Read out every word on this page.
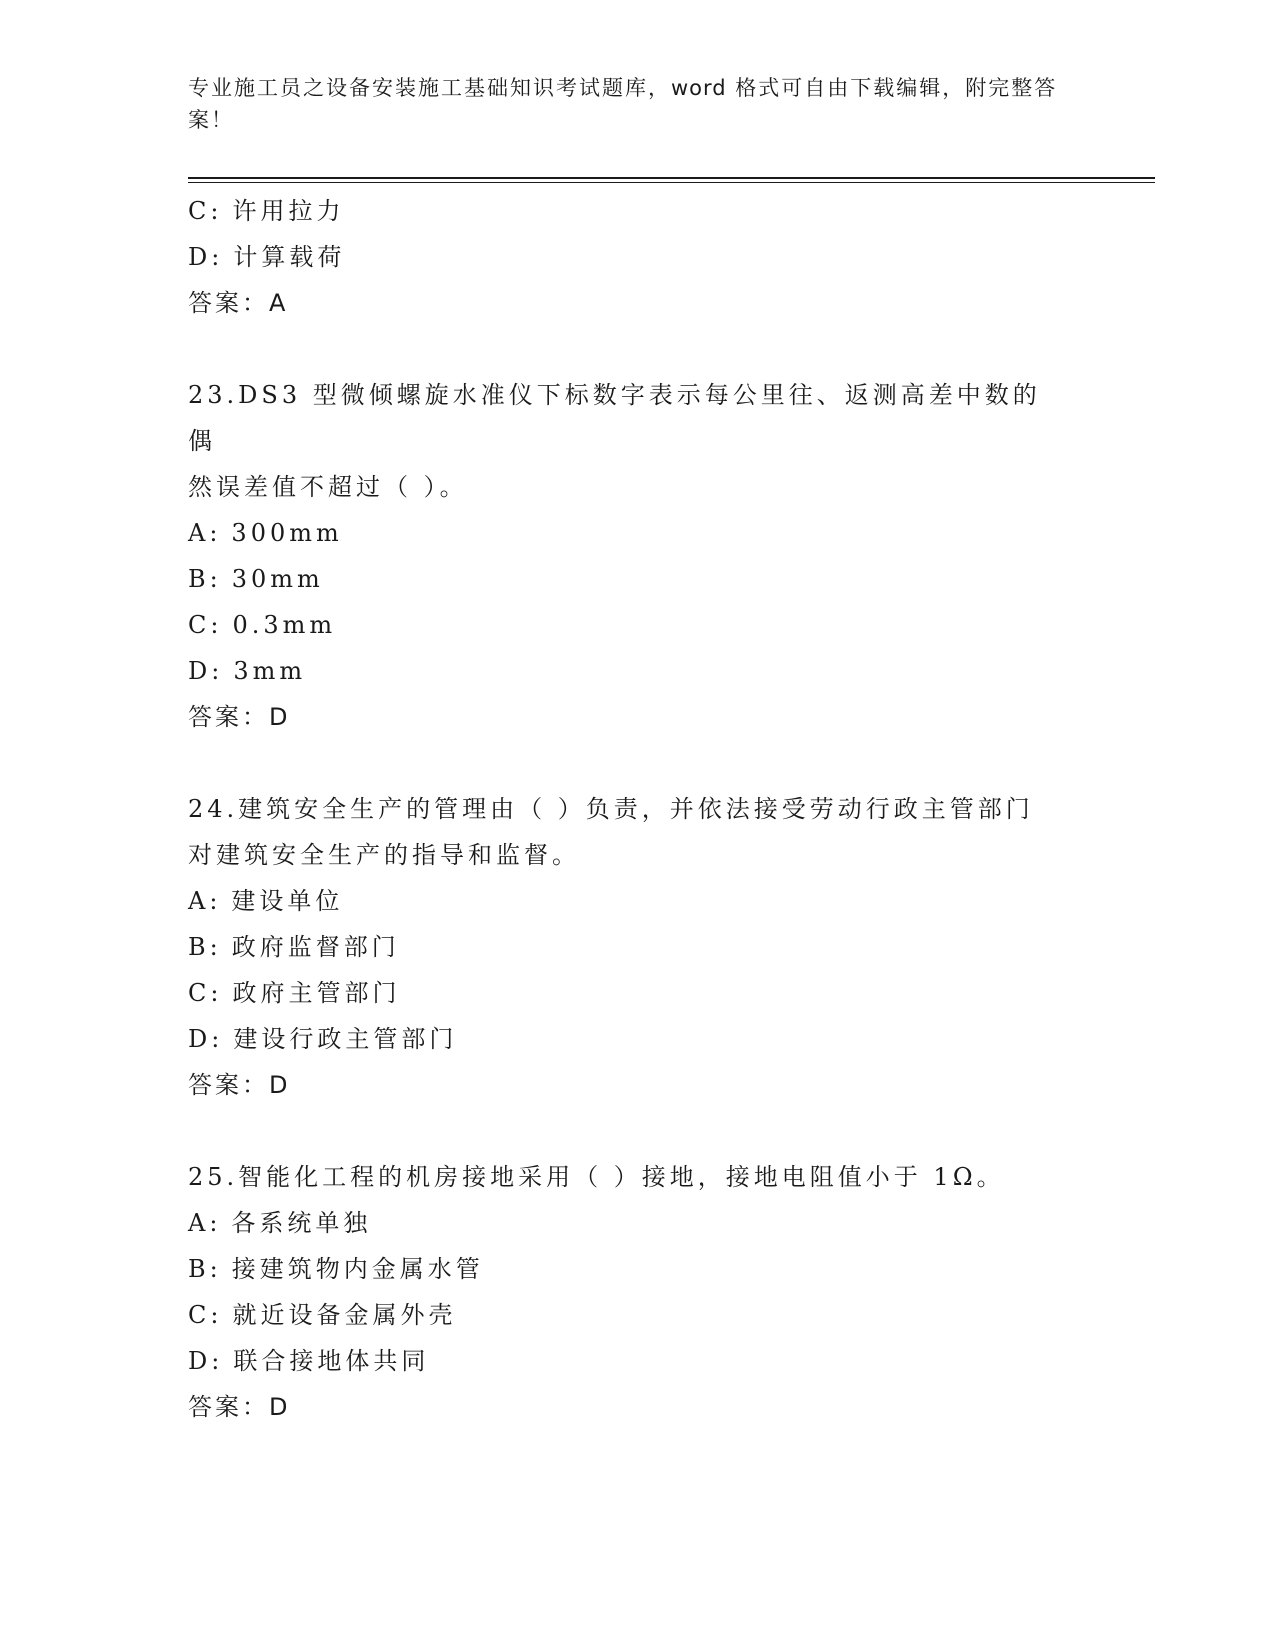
专业施工员之设备安装施工基础知识考试题库，word 格式可自由下载编辑，附完整答案！
C: 许用拉力
D: 计算载荷
答案：A
23.DS3 型微倾螺旋水准仪下标数字表示每公里往、返测高差中数的偶
然误差值不超过（ ）。
A: 300mm
B: 30mm
C: 0.3mm
D: 3mm
答案：D
24.建筑安全生产的管理由（ ）负责，并依法接受劳动行政主管部门
对建筑安全生产的指导和监督。
A: 建设单位
B: 政府监督部门
C: 政府主管部门
D: 建设行政主管部门
答案：D
25.智能化工程的机房接地采用（ ）接地，接地电阻值小于 1Ω。
A: 各系统单独
B: 接建筑物内金属水管
C: 就近设备金属外壳
D: 联合接地体共同
答案：D
